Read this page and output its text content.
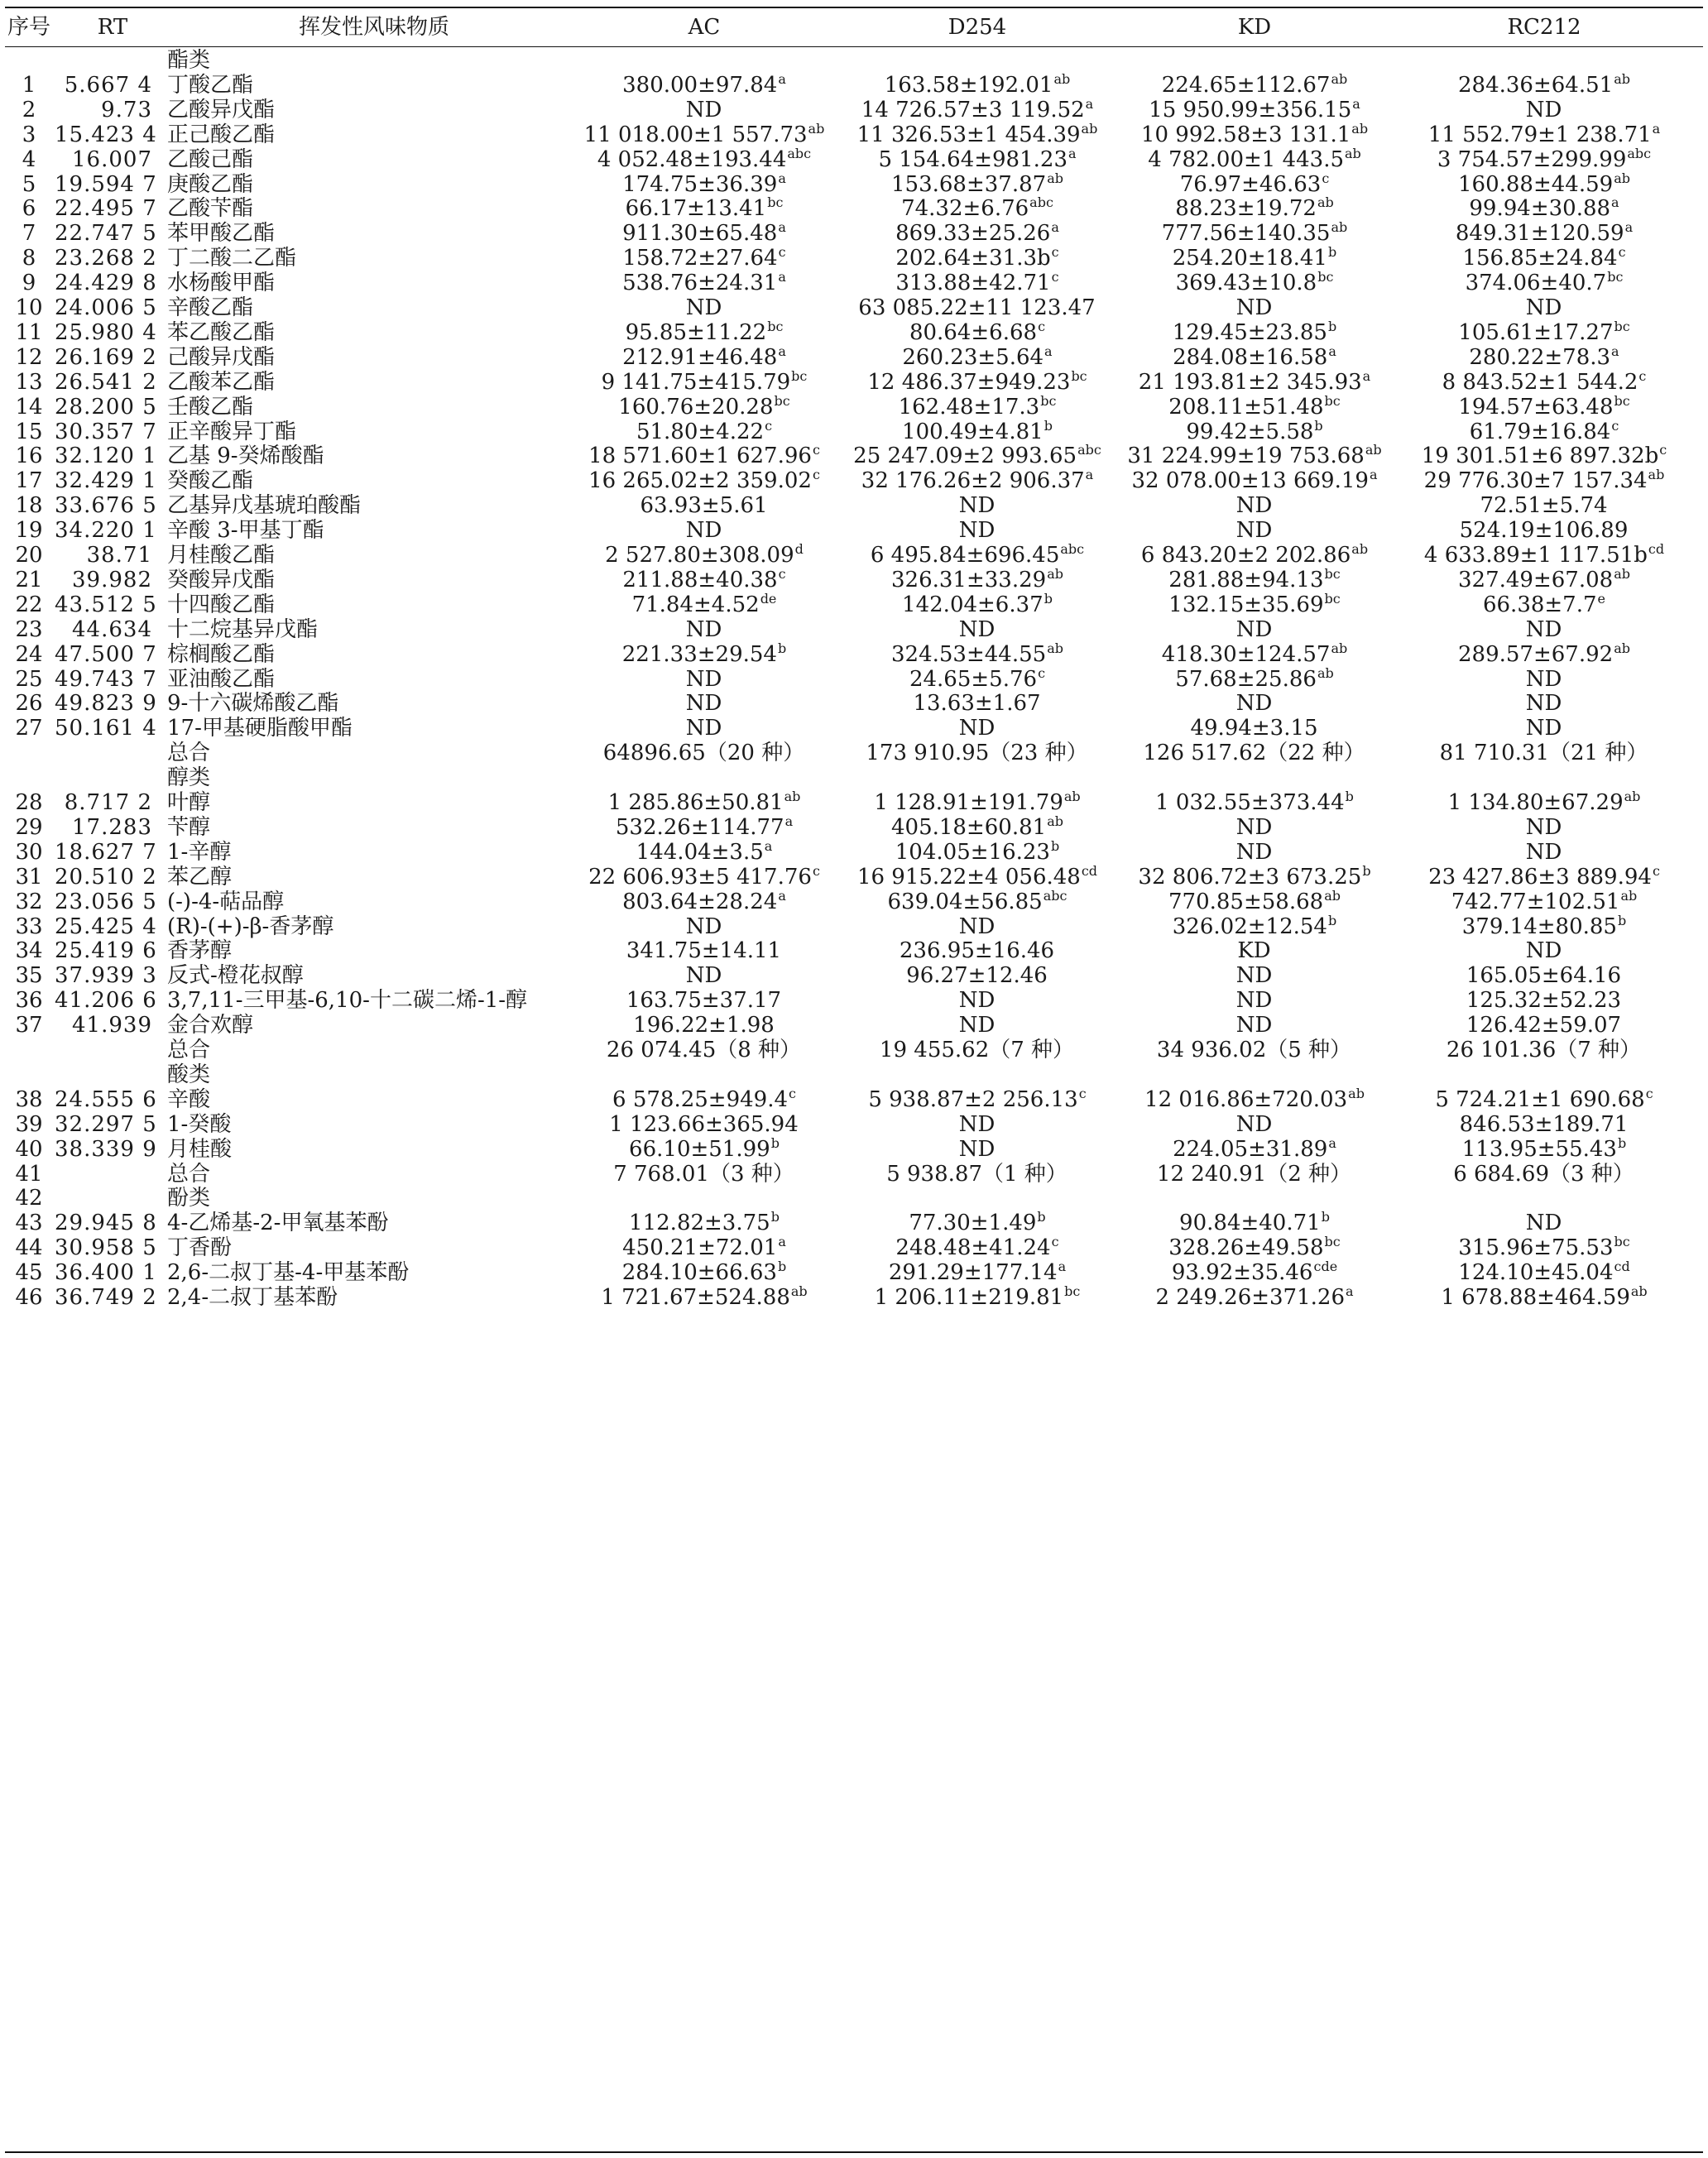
序号	RT	挥发性风味物质	AC	D254	KD	RC212
酯类
1	5.667 4 丁酸乙酯	380.00±97.84$^a$	163.58±192.01$^{ab}$	224.65±112.67$^{ab}$	284.36±64.51$^{ab}$
2	9.73 乙酸异戊酯	ND	14 726.57±3 119.52$^a$	15 950.99±356.15$^a$	ND
3 15.423 4 正己酸乙酯	11 018.00±1 557.73$^{ab}$	11 326.53±1 454.39$^{ab}$	10 992.58±3 131.1$^{ab}$	11 552.79±1 238.71$^a$
4	16.007 乙酸己酯	4 052.48±193.44$^{abc}$	5 154.64±981.23$^a$	4 782.00±1 443.5$^{ab}$	3 754.57±299.99$^{abc}$
5 19.594 7 庚酸乙酯	174.75±36.39$^a$	153.68±37.87$^{ab}$	76.97±46.63$^c$	160.88±44.59$^{ab}$
6 22.495 7 乙酸苄酯	66.17±13.41$^{bc}$	74.32±6.76$^{abc}$	88.23±19.72$^{ab}$	99.94±30.88$^a$
7 22.747 5 苯甲酸乙酯	911.30±65.48$^a$	869.33±25.26$^a$	777.56±140.35$^{ab}$	849.31±120.59$^a$
8 23.268 2 丁二酸二乙酯	158.72±27.64$^c$	$202.64\pm 31.3b^c$	254.20±18.41$^b$	156.85±24.84$^c$
9 24.429 8 水杨酸甲酯	538.76±24.31$^a$	313.88±42.71$^c$	369.43±10.8$^{bc}$	374.06±40.7$^{bc}$
10 24.006 5 辛酸乙酯	ND	63 085.22±11 123.47	ND	ND
11 25.980 4 苯乙酸乙酯	95.85±11.22$^{bc}$	80.64±6.68$^c$	129.45±23.85$^b$	105.61±17.27$^{bc}$
12 26.169 2 己酸异戊酯	212.91±46.48$^a$	260.23±5.64$^a$	284.08±16.58$^a$	280.22±78.3$^a$
13 26.541 2 乙酸苯乙酯	9 141.75±415.79$^{bc}$	12 486.37±949.23$^{bc}$	21 193.81±2 345.93$^a$	8 843.52±1 544.2$^c$
14 28.200 5 壬酸乙酯	160.76±20.28$^{bc}$	162.48±17.3$^{bc}$	208.11±51.48$^{bc}$	194.57±63.48$^{bc}$
15 30.357 7 正辛酸异丁酯	51.80±4.22$^c$	100.49±4.81$^b$	99.42±5.58$^b$	61.79±16.84$^c$
16 32.120 1 乙基 9-癸烯酸酯	18 571.60±1 627.96$^c$	25 247.09±2 993.65$^{abc}$	31 224.99±19 753.68$^{ab}$	19 301.51±6 $897.32b^c$
17 32.429 1 癸酸乙酯	16 265.02±2 359.02$^c$	32 176.26±2 906.37$^a$	32 078.00±13 669.19$^a$	29 776.30±7 157.34$^{ab}$
18 33.676 5 乙基异戊基琥珀酸酯	63.93±5.61	ND	ND	72.51±5.74
19 34.220 1 辛酸 3-甲基丁酯	ND	ND	ND	524.19±106.89
20	38.71 月桂酸乙酯	2 527.80±308.09$^d$	6 495.84±696.45$^{abc}$	6 843.20±2 202.86$^{ab}$	4 633.89±1 $117.51b^{cd}$
21	39.982 癸酸异戊酯	211.88±40.38$^c$	326.31±33.29$^{ab}$	281.88±94.13$^{bc}$	327.49±67.08$^{ab}$
22 43.512 5 十四酸乙酯	71.84±4.52de	142.04±6.37$^b$	132.15±35.69$^{bc}$	66.38±7.7$^e$
23	44.634 十二烷基异戊酯	ND	ND	ND	ND
24 47.500 7 棕榈酸乙酯	221.33±29.54$^b$	324.53±44.55$^{ab}$	418.30±124.57$^{ab}$	289.57±67.92$^{ab}$
25 49.743 7 亚油酸乙酯	ND	24.65±5.76$^c$	57.68±25.86$^{ab}$	ND
26 49.823 9 9-十六碳烯酸乙酯	ND	13.63±1.67	ND	ND
27 50.161 4 17-甲基硬脂酸甲酯	ND	ND	49.94±3.15	ND
总合	64896.65（20 种）	173 910.95（23 种）	126 517.62（22 种）	81 710.31（21 种）
醇类
28	8.717 2 叶醇	1 285.86±50.81$^{ab}$	1 128.91±191.79$^{ab}$	1 032.55±373.44$^b$	1 134.80±67.29$^{ab}$
29	17.283 苄醇	532.26±114.77$^a$	405.18±60.81$^{ab}$	ND	ND
30 18.627 7 1-辛醇	144.04±3.5$^a$	104.05±16.23$^b$	ND	ND
31 20.510 2 苯乙醇	22 606.93±5 417.76$^c$	16 915.22±4 056.48$^{cd}$	32 806.72±3 673.25$^b$	23 427.86±3 889.94$^c$
32 23.056 5 (-)-4-萜品醇	803.64±28.24$^a$	639.04±56.85$^{abc}$	770.85±58.68$^{ab}$	742.77±102.51$^{ab}$
33 25.425 4 (R)-(+)-β-香茅醇	ND	ND	326.02±12.54$^b$	379.14±80.85$^b$
34 25.419 6 香茅醇	341.75±14.11	236.95±16.46	KD	ND
35 37.939 3 反式-橙花叔醇	ND	96.27±12.46	ND	165.05±64.16
36 41.206 6 3,7,11-三甲基-6,10-十二碳二烯-1-醇	163.75±37.17	ND	ND	125.32±52.23
37	41.939 金合欢醇	196.22±1.98	ND	ND	126.42±59.07
总合	26 074.45（8 种）	19 455.62（7 种）	34 936.02（5 种）	26 101.36（7 种）
酸类
38 24.555 6 辛酸	6 578.25±949.4$^c$	5 938.87±2 256.13$^c$	12 016.86±720.03$^{ab}$	5 724.21±1 690.68$^c$
39 32.297 5 1-癸酸	1 123.66±365.94	ND	ND	846.53±189.71
40 38.339 9 月桂酸	66.10±51.99$^b$	ND	224.05±31.89$^a$	113.95±55.43$^b$
41	总合	7 768.01（3 种）	5 938.87（1 种）	12 240.91（2 种）	6 684.69（3 种）
42	酚类
43 29.945 8 4-乙烯基-2-甲氧基苯酚	112.82±3.75$^b$	77.30±1.49$^b$	90.84±40.71$^b$	ND
44 30.958 5 丁香酚	450.21±72.01$^a$	248.48±41.24$^c$	328.26±49.58$^{bc}$	315.96±75.53$^{bc}$
45 36.400 1 2,6-二叔丁基-4-甲基苯酚	284.10±66.63$^b$	291.29±177.14$^a$	93.92±35.46$^{cde}$	124.10±45.04$^{cd}$
46 36.749 2 2,4-二叔丁基苯酚	1 721.67±524.88$^{ab}$	1 206.11±219.81$^{bc}$	2 249.26±371.26$^a$	1 678.88±464.59$^{ab}$
